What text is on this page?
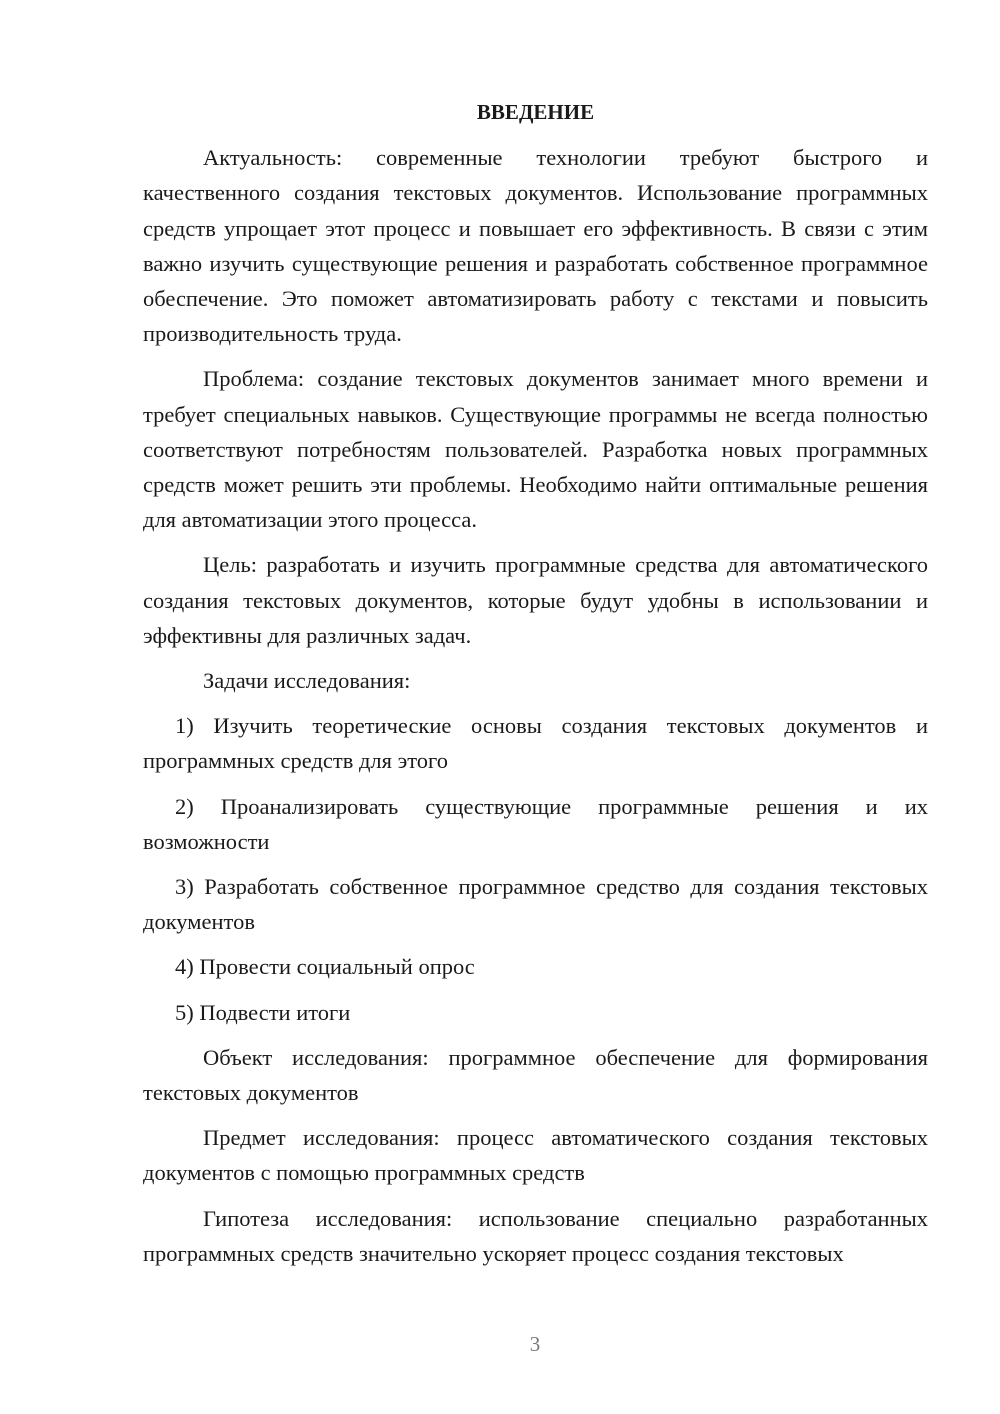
ВВЕДЕНИЕ

Актуальность: современные технологии требуют быстрого и качественного создания текстовых документов. Использование программных средств упрощает этот процесс и повышает его эффективность. В связи с этим важно изучить существующие решения и разработать собственное программное обеспечение. Это поможет автоматизировать работу с текстами и повысить производительность труда.

Проблема: создание текстовых документов занимает много времени и требует специальных навыков. Существующие программы не всегда полностью соответствуют потребностям пользователей. Разработка новых программных средств может решить эти проблемы. Необходимо найти оптимальные решения для автоматизации этого процесса.

Цель: разработать и изучить программные средства для автоматического создания текстовых документов, которые будут удобны в использовании и эффективны для различных задач.

Задачи исследования:

1) Изучить теоретические основы создания текстовых документов и программных средств для этого

2) Проанализировать существующие программные решения и их возможности

3) Разработать собственное программное средство для создания текстовых документов

4) Провести социальный опрос

5) Подвести итоги

Объект исследования: программное обеспечение для формирования текстовых документов

Предмет исследования: процесс автоматического создания текстовых документов с помощью программных средств

Гипотеза исследования: использование специально разработанных программных средств значительно ускоряет процесс создания текстовых

3
